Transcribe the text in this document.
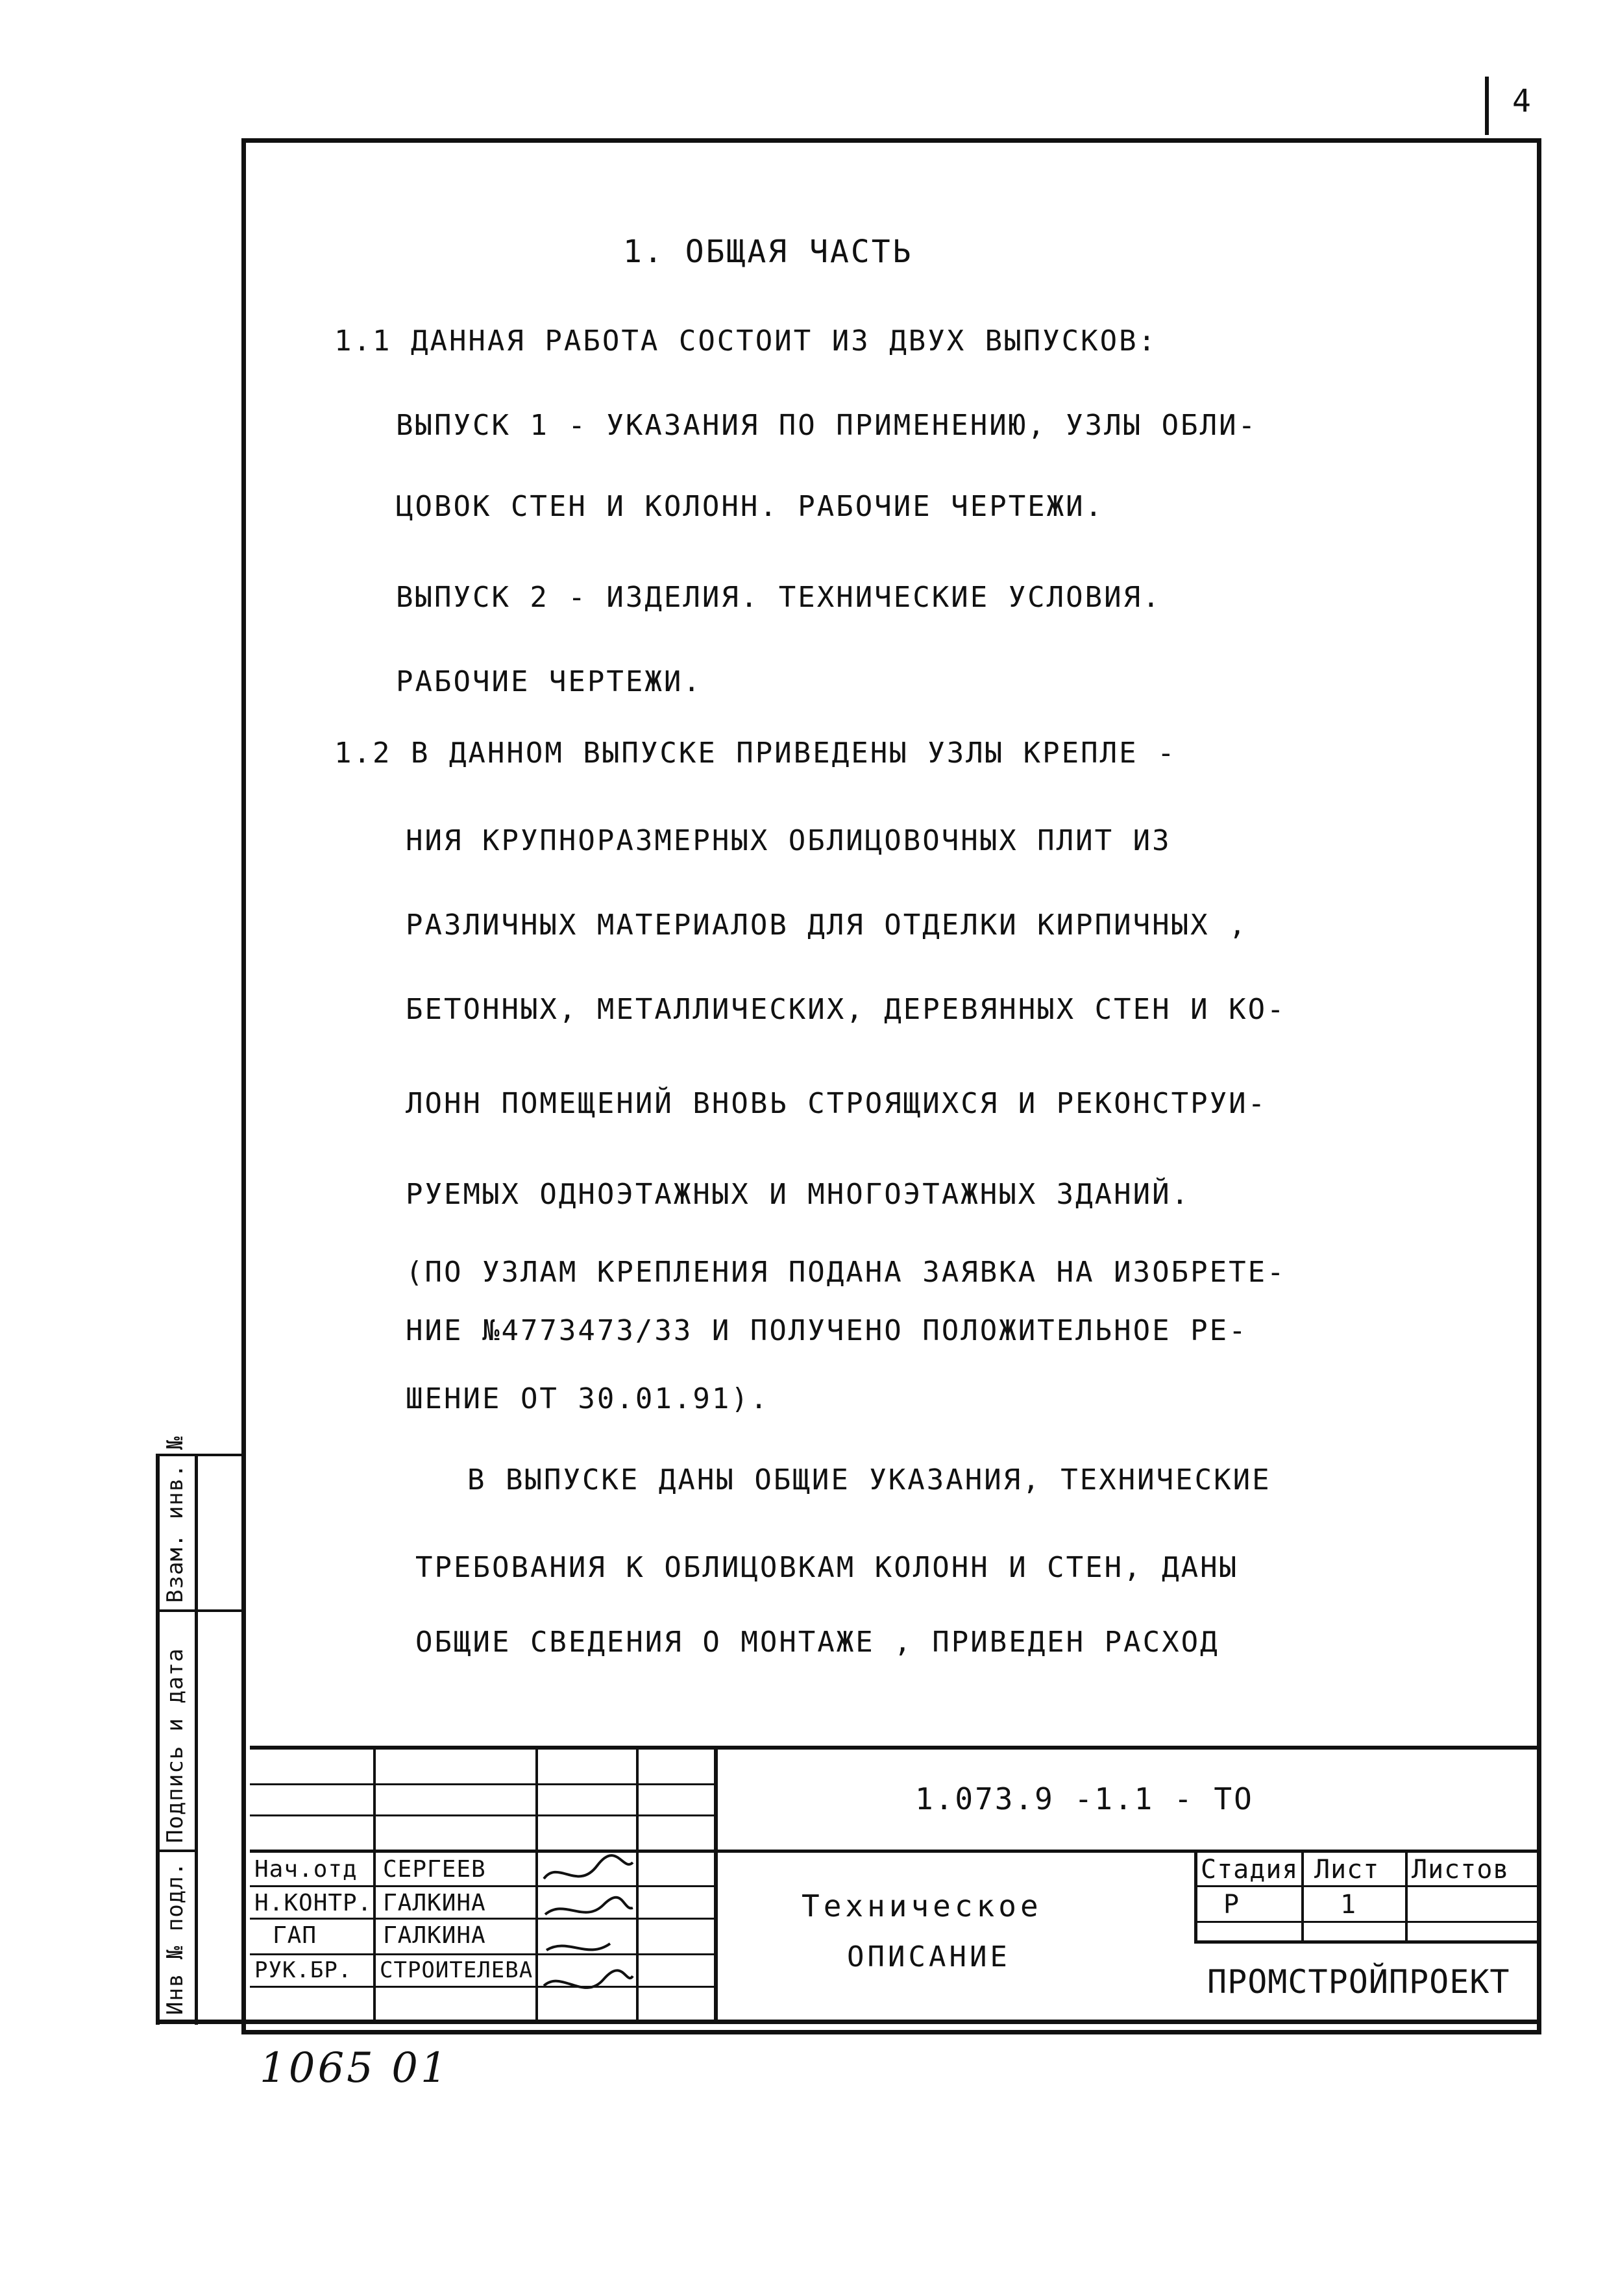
4
1. ОБЩАЯ ЧАСТЬ
1.1 ДАННАЯ РАБОТА СОСТОИТ ИЗ ДВУХ ВЫПУСКОВ:
ВЫПУСК 1 - УКАЗАНИЯ ПО ПРИМЕНЕНИЮ, УЗЛЫ ОБЛИ-
ЦОВОК СТЕН И КОЛОНН. РАБОЧИЕ ЧЕРТЕЖИ.
ВЫПУСК 2 - ИЗДЕЛИЯ. ТЕХНИЧЕСКИЕ УСЛОВИЯ.
РАБОЧИЕ ЧЕРТЕЖИ.
1.2 В ДАННОМ ВЫПУСКЕ ПРИВЕДЕНЫ УЗЛЫ КРЕПЛЕ -
НИЯ КРУПНОРАЗМЕРНЫХ ОБЛИЦОВОЧНЫХ ПЛИТ ИЗ
РАЗЛИЧНЫХ МАТЕРИАЛОВ ДЛЯ ОТДЕЛКИ КИРПИЧНЫХ ,
БЕТОННЫХ, МЕТАЛЛИЧЕСКИХ, ДЕРЕВЯННЫХ СТЕН И КО-
ЛОНН ПОМЕЩЕНИЙ ВНОВЬ СТРОЯЩИХСЯ И РЕКОНСТРУИ-
РУЕМЫХ ОДНОЭТАЖНЫХ И МНОГОЭТАЖНЫХ ЗДАНИЙ.
(ПО УЗЛАМ КРЕПЛЕНИЯ ПОДАНА ЗАЯВКА НА ИЗОБРЕТЕ-
НИЕ №4773473/33 И ПОЛУЧЕНО ПОЛОЖИТЕЛЬНОЕ РЕ-
ШЕНИЕ ОТ 30.01.91).
В ВЫПУСКЕ ДАНЫ ОБЩИЕ УКАЗАНИЯ, ТЕХНИЧЕСКИЕ
ТРЕБОВАНИЯ К ОБЛИЦОВКАМ КОЛОНН И СТЕН, ДАНЫ
ОБЩИЕ СВЕДЕНИЯ О МОНТАЖЕ , ПРИВЕДЕН РАСХОД
1.073.9 -1.1 - ТО
Техническое
ОПИСАНИЕ
Стадия Лист Листов
Р	1
ПРОМСТРОЙПРОЕКТ
Нач.отд СЕРГЕЕВ
Н.КОНТР. ГАЛКИНА
ГАП	ГАЛКИНА
РУК.БР. СТРОИТЕЛЕВА
Инв № подл.
Подпись и дата
Взам. инв. №
1065 01
